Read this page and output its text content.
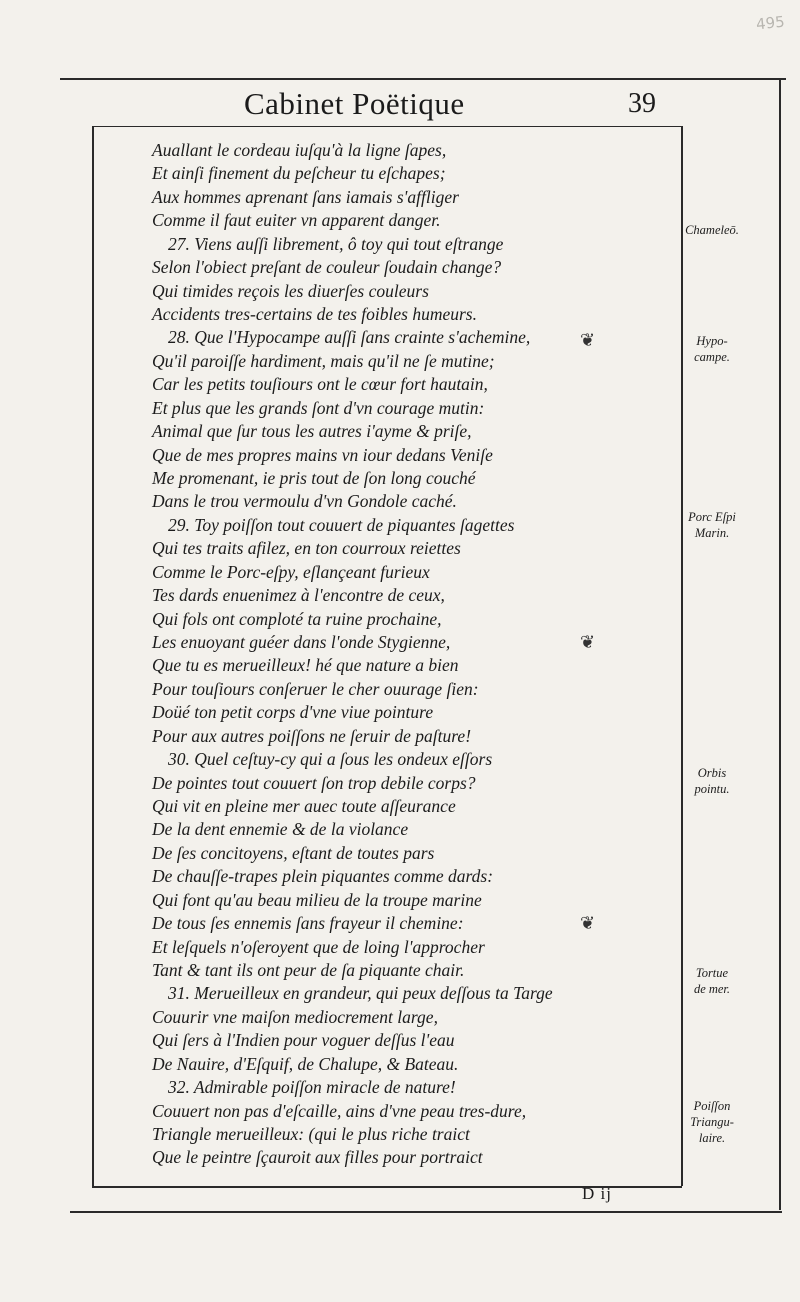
495
Cabinet Poëtique	39
Auallant le cordeau iuſqu'à la ligne ſapes,
Et ainſi finement du peſcheur tu eſchapes;
Aux hommes aprenant ſans iamais s'affliger
Comme il faut euiter vn apparent danger.
27. Viens auſſi librement, ô toy qui tout eſtrange
Selon l'obiect preſant de couleur ſoudain change?
Qui timides reçois les diuerſes couleurs
Accidents tres-certains de tes foibles humeurs.
28. Que l'Hypocampe auſſi ſans crainte s'achemine,
Qu'il paroiſſe hardiment, mais qu'il ne ſe mutine;
Car les petits touſiours ont le cœur fort hautain,
Et plus que les grands ſont d'vn courage mutin:
Animal que ſur tous les autres i'ayme & priſe,
Que de mes propres mains vn iour dedans Veniſe
Me promenant, ie pris tout de ſon long couché
Dans le trou vermoulu d'vn Gondole caché.
29. Toy poiſſon tout couuert de piquantes ſagettes
Qui tes traits afilez, en ton courroux reiettes
Comme le Porc-eſpy, eſlançeant furieux
Tes dards enuenimez à l'encontre de ceux,
Qui fols ont comploté ta ruine prochaine,
Les enuoyant guéer dans l'onde Stygienne,
Que tu es merueilleux! hé que nature a bien
Pour touſiours conſeruer le cher ouurage ſien:
Doüé ton petit corps d'vne viue pointure
Pour aux autres poiſſons ne ſeruir de paſture!
30. Quel ceſtuy-cy qui a ſous les ondeux eſſors
De pointes tout couuert ſon trop debile corps?
Qui vit en pleine mer auec toute aſſeurance
De la dent ennemie & de la violance
De ſes concitoyens, eſtant de toutes pars
De chauſſe-trapes plein piquantes comme dards:
Qui font qu'au beau milieu de la troupe marine
De tous ſes ennemis ſans frayeur il chemine:
Et leſquels n'oſeroyent que de loing l'approcher
Tant & tant ils ont peur de ſa piquante chair.
31. Merueilleux en grandeur, qui peux deſſous ta Targe
Couurir vne maiſon mediocrement large,
Qui ſers à l'Indien pour voguer deſſus l'eau
De Nauire, d'Eſquif, de Chalupe, & Bateau.
32. Admirable poiſſon miracle de nature!
Couuert non pas d'eſcaille, ains d'vne peau tres-dure,
Triangle merueilleux: (qui le plus riche traict
Que le peintre ſçauroit aux filles pour portraict
Chameleō.
Hypo-
campe.
Porc Eſpi
Marin.
Orbis
pointu.
Tortue
de mer.
Poiſſon
Triangu-
laire.
❦
❦
❦
D ij
